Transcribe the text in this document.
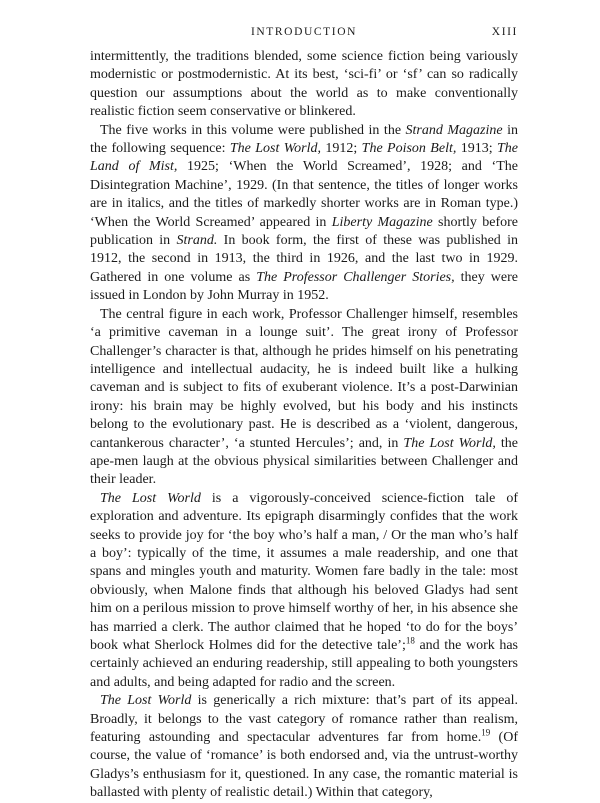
INTRODUCTION	XIII

intermittently, the traditions blended, some science fiction being variously modernistic or postmodernistic. At its best, ‘sci-fi’ or ‘sf’ can so radically question our assumptions about the world as to make conventionally realistic fiction seem conservative or blinkered.

The five works in this volume were published in the Strand Magazine in the following sequence: The Lost World, 1912; The Poison Belt, 1913; The Land of Mist, 1925; ‘When the World Screamed’, 1928; and ‘The Disintegration Machine’, 1929. (In that sentence, the titles of longer works are in italics, and the titles of markedly shorter works are in Roman type.) ‘When the World Screamed’ appeared in Liberty Magazine shortly before publication in Strand. In book form, the first of these was published in 1912, the second in 1913, the third in 1926, and the last two in 1929. Gathered in one volume as The Professor Challenger Stories, they were issued in London by John Murray in 1952.

The central figure in each work, Professor Challenger himself, resembles ‘a primitive caveman in a lounge suit’. The great irony of Professor Challenger’s character is that, although he prides himself on his penetrating intelligence and intellectual audacity, he is indeed built like a hulking caveman and is subject to fits of exuberant violence. It’s a post-Darwinian irony: his brain may be highly evolved, but his body and his instincts belong to the evolutionary past. He is described as a ‘violent, dangerous, cantankerous character’, ‘a stunted Hercules’; and, in The Lost World, the ape-men laugh at the obvious physical similarities between Challenger and their leader.

The Lost World is a vigorously-conceived science-fiction tale of exploration and adventure. Its epigraph disarmingly confides that the work seeks to provide joy for ‘the boy who’s half a man, / Or the man who’s half a boy’: typically of the time, it assumes a male readership, and one that spans and mingles youth and maturity. Women fare badly in the tale: most obviously, when Malone finds that although his beloved Gladys had sent him on a perilous mission to prove himself worthy of her, in his absence she has married a clerk. The author claimed that he hoped ‘to do for the boys’ book what Sherlock Holmes did for the detective tale’;$^{18}$ and the work has certainly achieved an enduring readership, still appealing to both youngsters and adults, and being adapted for radio and the screen.

The Lost World is generically a rich mixture: that’s part of its appeal. Broadly, it belongs to the vast category of romance rather than realism, featuring astounding and spectacular adventures far from home.$^{19}$ (Of course, the value of ‘romance’ is both endorsed and, via the untrust-worthy Gladys’s enthusiasm for it, questioned. In any case, the romantic material is ballasted with plenty of realistic detail.) Within that category,
